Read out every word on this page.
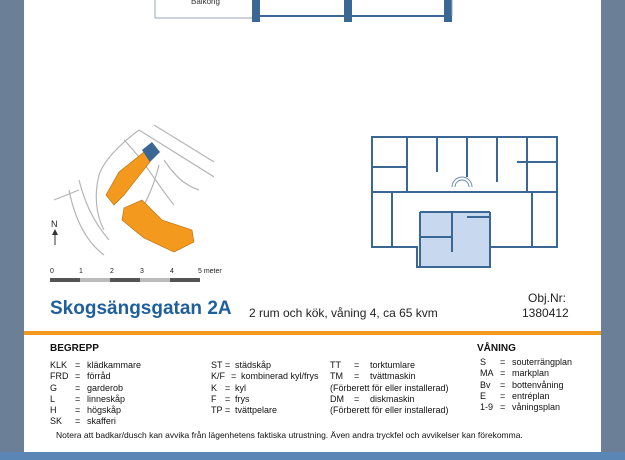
Balkong
N
0	1	2	3	4	5 meter
Skogsängsgatan 2A 2 rum och kök, våning 4, ca 65 kvm
Obj.Nr:
1380412
BEGREPP	VÅNING
KLK = klädkammare
FRD = förråd
G	= garderob
L	= linneskåp
H	= högskåp
SK	= skafferi
ST = städskåp
K/F = kombinerad kyl/frys
K = kyl
F = frys
TP = tvättpelare
TT	=	torktumlare
TM	=	tvättmaskin
(Förberett för eller installerad)
DM	=	diskmaskin
(Förberett för eller installerad)
S	= souterrängplan
MA = markplan
Bv	= bottenvåning
E	= entréplan
1-9 = våningsplan
Notera att badkar/dusch kan avvika från lägenhetens faktiska utrustning. Även andra tryckfel och avvikelser kan förekomma.
